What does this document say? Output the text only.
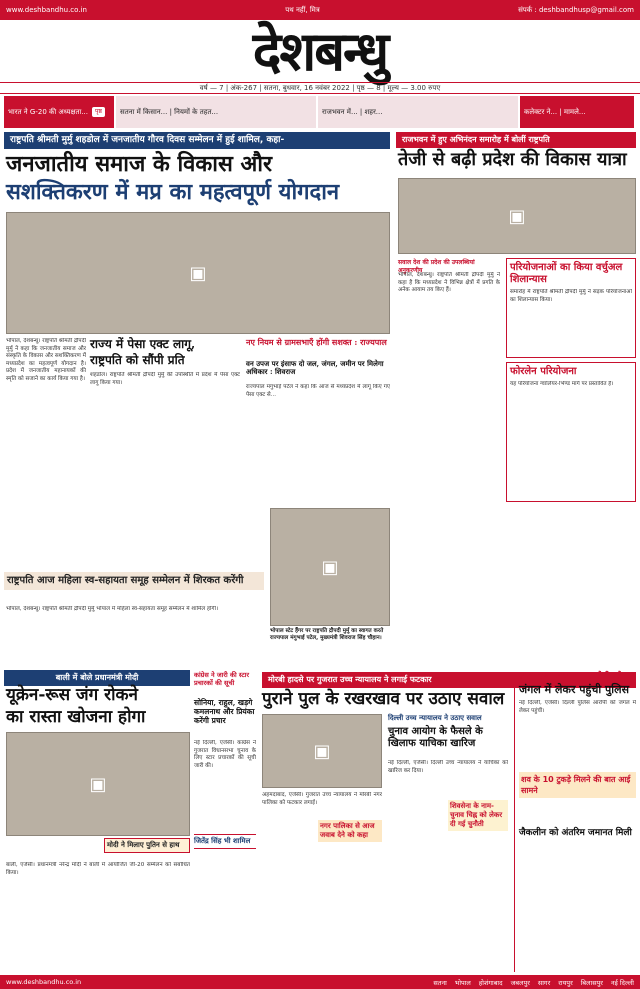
www.deshbandhu.co.in	पथ नहीं, मित्र	संपर्क : deshbandhusp@gmail.com
देशबन्धु
वर्ष — 7 | अंक-267 | सतना, बुधवार, 16 नवंबर 2022 | पृष्ठ — 8 | मूल्य — 3.00 रुपए
भारत ने G-20 की अध्यक्षता...	पृष्ठ	सतना में किसान... | नियमों के तहत...	राजभवन में... | शहर...	कलेक्टर ने... | मामले...
राष्ट्रपति श्रीमती मुर्मु शहडोल में जनजातीय गौरव दिवस सम्मेलन में हुई शामिल, कहा-
जनजातीय समाज के विकास और
सशक्तिकरण में मप्र का महत्वपूर्ण योगदान
▣
भोपाल, देशबन्धु। राष्ट्रपति श्रीमती द्रौपदी मुर्मु ने कहा कि जनजातीय समाज और संस्कृति के विकास और सशक्तिकरण में मध्यप्रदेश का महत्वपूर्ण योगदान है। प्रदेश में जनजातीय महानायकों की स्मृति को सजाने का कार्य किया गया है।
राज्य में पेसा एक्ट लागू,
राष्ट्रपति को सौंपी प्रति
शहडोल। राष्ट्रपति श्रीमती द्रौपदी मुर्मु की उपस्थिति में प्रदेश में पेसा एक्ट लागू किया गया।
नए नियम से ग्रामसभाएँ होंगी सशक्त : राज्यपाल
वन उपज पर इंसाफ दो जल, जंगल, जमीन पर मिलेगा अधिकार : शिवराज
राज्यपाल मंगुभाई पटेल ने कहा कि आज से मध्यप्रदेश में लागू किए गए पेसा एक्ट से...
राजभवन में हुए अभिनंदन समारोह में बोलीं राष्ट्रपति
तेजी से बढ़ी प्रदेश की विकास यात्रा
▣
सवाल देश की प्रदेश की उपलब्धियां अनुकरणीय
भोपाल, देशबन्धु। राष्ट्रपति श्रीमती द्रौपदी मुर्मु ने कहा है कि मध्यप्रदेश ने विभिन्न क्षेत्रों में प्रगति के अनेक आयाम तय किए हैं।
परियोजनाओं का किया वर्चुअल शिलान्यास
समारोह में राष्ट्रपति श्रीमती द्रौपदी मुर्मु ने सड़क परियोजनाओं का शिलान्यास किया।
फोरलेन परियोजना
यह परियोजना ग्वालियर-भिण्ड मार्ग पर प्रस्तावित है।
राष्ट्रपति आज महिला स्व-सहायता समूह सम्मेलन में शिरकत करेंगी
भोपाल, देशबन्धु। राष्ट्रपति श्रीमती द्रौपदी मुर्मु भोपाल में महिला स्व-सहायता समूह सम्मेलन में शामिल होंगी।
▣
भोपाल स्टेट हैंगर पर राष्ट्रपति द्रौपदी मुर्मु का स्वागत करते राज्यपाल मंगुभाई पटेल, मुख्यमंत्री शिवराज सिंह चौहान।
बाली में बोले प्रधानमंत्री मोदी
यूक्रेन-रूस जंग रोकने
का रास्ता खोजना होगा
▣
मोदी ने मिलाए पुतिन से हाथ
बाली, एजेंसी। प्रधानमंत्री नरेन्द्र मोदी ने बाली में आयोजित जी-20 सम्मेलन को संबोधित किया।
कांग्रेस ने जारी की स्टार प्रचारकों की सूची
सोनिया, राहुल, खड़गे कमलनाथ और प्रियंका करेंगी प्रचार
नई दिल्ली, एजेंसी। कांग्रेस ने गुजरात विधानसभा चुनाव के लिए स्टार प्रचारकों की सूची जारी की।
जितेंद्र सिंह भी शामिल
मोरबी हादसे पर गुजरात उच्च न्यायालय ने लगाई फटकार
पुराने पुल के रखरखाव पर उठाए सवाल
▣
अहमदाबाद, एजेंसी। गुजरात उच्च न्यायालय ने मोरबी नगर पालिका को फटकार लगाई।
नगर पालिका से आज जवाब देने को कहा
दिल्ली उच्च न्यायालय ने उठाए सवाल
चुनाव आयोग के फैसले के खिलाफ याचिका खारिज
नई दिल्ली, एजेंसी। दिल्ली उच्च न्यायालय ने याचिका को खारिज कर दिया।
शिवसेना के नाम-चुनाव चिह्न को लेकर दी गई चुनौती
श्रद्धा हत्या मामला : आरोपी को
जंगल में लेकर पहुंची पुलिस
नई दिल्ली, एजेंसी। दिल्ली पुलिस आरोपी को जंगल में लेकर पहुंची।
शव के 10 टुकड़े मिलने की बात आई सामने
जैकलीन को अंतरिम जमानत मिली
www.deshbandhu.co.in	सतना भोपाल होशंगाबाद जबलपुर सागर रायपुर बिलासपुर नई दिल्ली
